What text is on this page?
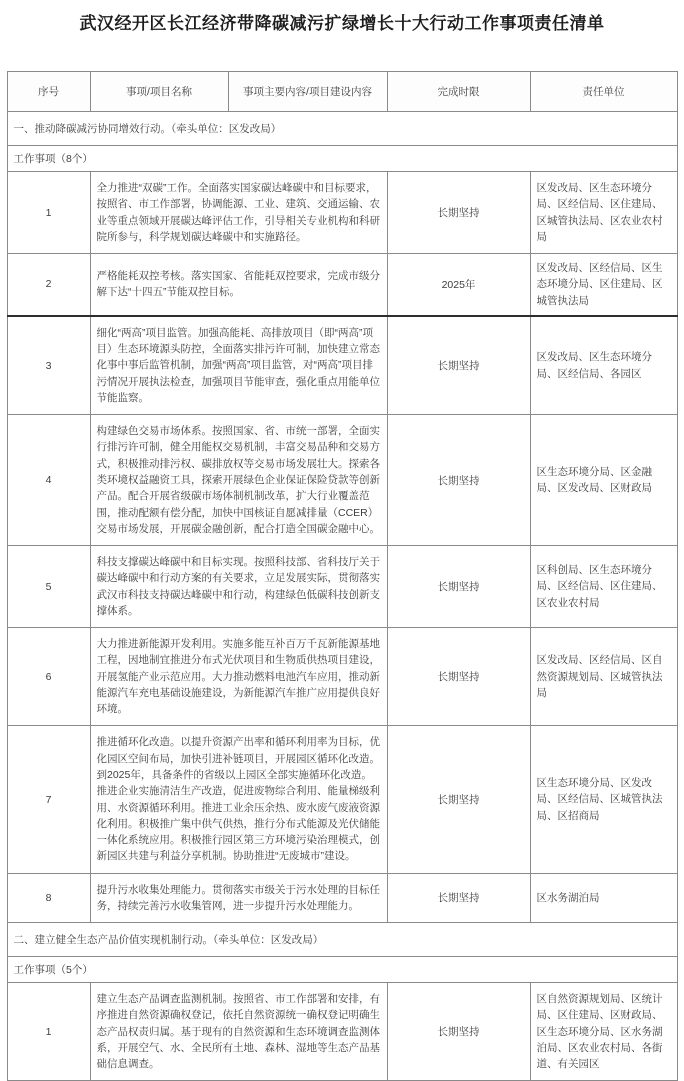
武汉经开区长江经济带降碳减污扩绿增长十大行动工作事项责任清单
序号	事项/项目名称	事项主要内容/项目建设内容	完成时限	责任单位
一、推动降碳减污协同增效行动。（牵头单位：区发改局）				
工作事项（8个）				
1	全力推进“双碳”工作。全面落实国家碳达峰碳中和目标要求，按照省、市工作部署，协调能源、工业、建筑、交通运输、农业等重点领域开展碳达峰评估工作，引导相关专业机构和科研院所参与，科学规划碳达峰碳中和实施路径。		长期坚持	区发改局、区生态环境分局、区经信局、区住建局、区城管执法局、区农业农村局
2	严格能耗双控考核。落实国家、省能耗双控要求，完成市级分解下达“十四五”节能双控目标。		2025年	区发改局、区经信局、区生态环境分局、区住建局、区城管执法局
3	细化“两高”项目监管。加强高能耗、高排放项目（即“两高”项目）生态环境源头防控，全面落实排污许可制，加快建立常态化事中事后监管机制，加强“两高”项目监管，对“两高”项目排污情况开展执法检查，加强项目节能审查，强化重点用能单位节能监察。		长期坚持	区发改局、区生态环境分局、区经信局、各园区
4	构建绿色交易市场体系。按照国家、省、市统一部署，全面实行排污许可制，健全用能权交易机制，丰富交易品种和交易方式，积极推动排污权、碳排放权等交易市场发展壮大。探索各类环境权益融资工具，探索开展绿色企业保证保险贷款等创新产品。配合开展省级碳市场体制机制改革，扩大行业覆盖范围，推动配额有偿分配，加快中国核证自愿减排量（CCER）交易市场发展，开展碳金融创新，配合打造全国碳金融中心。		长期坚持	区生态环境分局、区金融局、区发改局、区财政局
5	科技支撑碳达峰碳中和目标实现。按照科技部、省科技厅关于碳达峰碳中和行动方案的有关要求，立足发展实际，贯彻落实武汉市科技支持碳达峰碳中和行动，构建绿色低碳科技创新支撑体系。		长期坚持	区科创局、区生态环境分局、区经信局、区住建局、区农业农村局
6	大力推进新能源开发利用。实施多能互补百万千瓦新能源基地工程，因地制宜推进分布式光伏项目和生物质供热项目建设，开展氢能产业示范应用。大力推动燃料电池汽车应用，推动新能源汽车充电基础设施建设，为新能源汽车推广应用提供良好环境。		长期坚持	区发改局、区经信局、区自然资源规划局、区城管执法局
7	推进循环化改造。以提升资源产出率和循环利用率为目标，优化园区空间布局，加快引进补链项目，开展园区循环化改造。到2025年，具备条件的省级以上园区全部实施循环化改造。推进企业实施清洁生产改造，促进废物综合利用、能量梯级利用、水资源循环利用。推进工业余压余热、废水废气废液资源化利用。积极推广集中供气供热，推行分布式能源及光伏储能一体化系统应用。积极推行园区第三方环境污染治理模式，创新园区共建与利益分享机制。协助推进“无废城市”建设。		长期坚持	区生态环境分局、区发改局、区经信局、区城管执法局、区招商局
8	提升污水收集处理能力。贯彻落实市级关于污水处理的目标任务，持续完善污水收集管网，进一步提升污水处理能力。		长期坚持	区水务湖泊局
二、建立健全生态产品价值实现机制行动。（牵头单位：区发改局）				
工作事项（5个）				
1	建立生态产品调查监测机制。按照省、市工作部署和安排，有序推进自然资源确权登记，依托自然资源统一确权登记明确生态产品权责归属。基于现有的自然资源和生态环境调查监测体系，开展空气、水、全民所有土地、森林、湿地等生态产品基础信息调查。		长期坚持	区自然资源规划局、区统计局、区住建局、区财政局、区生态环境分局、区水务湖泊局、区农业农村局、各街道、有关园区
